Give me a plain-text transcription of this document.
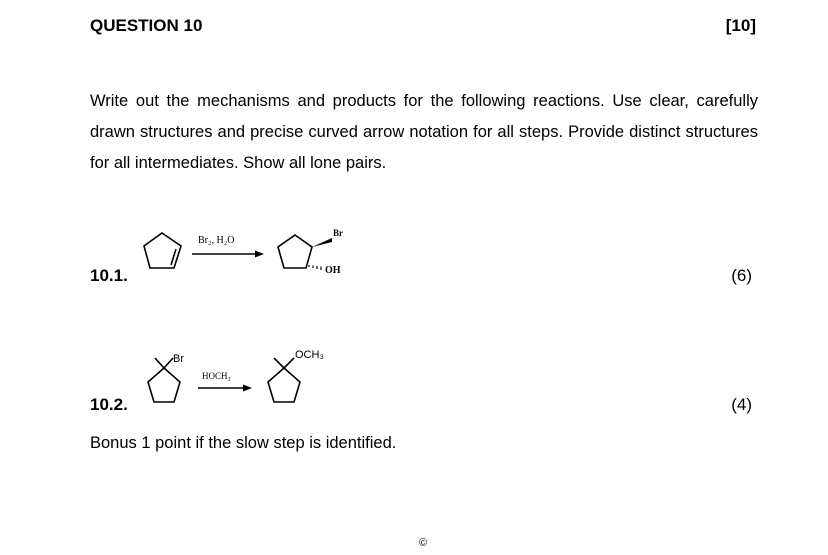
QUESTION 10	[10]
Write out the mechanisms and products for the following reactions. Use clear, carefully drawn structures and precise curved arrow notation for all steps. Provide distinct structures for all intermediates. Show all lone pairs.
10.1.	(6)
Br₂, H₂O
Br
OH
10.2.	(4)
Br
HOCH₃
OCH₃
Bonus 1 point if the slow step is identified.
©
